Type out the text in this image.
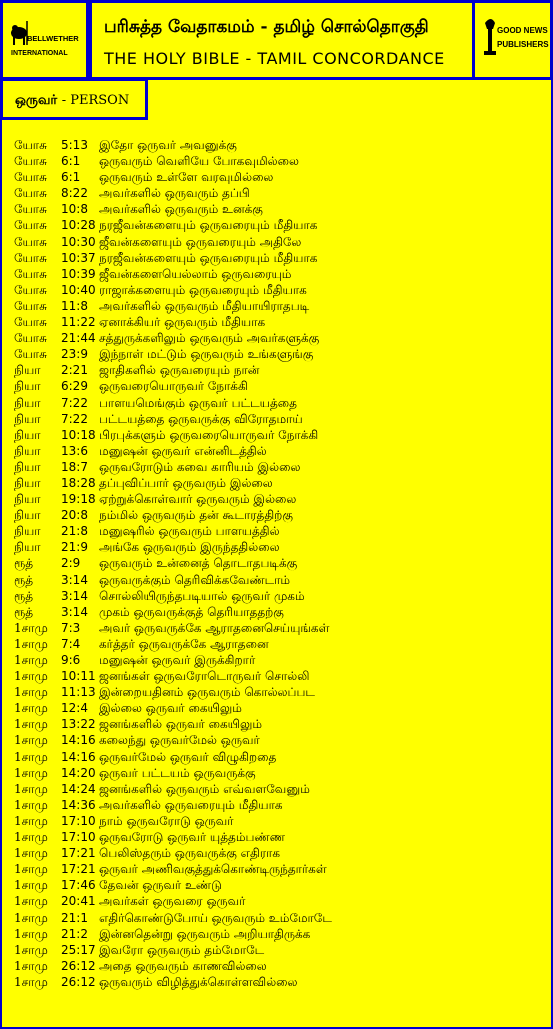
BELLWETHER
INTERNATIONAL
பரிசுத்த வேதாகமம் - தமிழ் சொல்தொகுதி
THE HOLY BIBLE - TAMIL CONCORDANCE
GOOD NEWS
PUBLISHERS
ஒருவர் - PERSON
யோசு 5:13 இதோ ஒருவர் அவனுக்கு
யோசு 6:1 ஒருவரும் வெளியே போகவுமில்லை
யோசு 6:1 ஒருவரும் உள்ளே வரவுமில்லை
யோசு 8:22 அவர்களில் ஒருவரும் தப்பி
யோசு 10:8 அவர்களில் ஒருவரும் உனக்கு
யோசு 10:28 நரஜீவன்களையும் ஒருவரையும் மீதியாக
யோசு 10:30 ஜீவன்களையும் ஒருவரையும் அதிலே
யோசு 10:37 நரஜீவன்களையும் ஒருவரையும் மீதியாக
யோசு 10:39 ஜீவன்களையெல்லாம் ஒருவரையும்
யோசு 10:40 ராஜாக்களையும் ஒருவரையும் மீதியாக
யோசு 11:8 அவர்களில் ஒருவரும் மீதியாயிராதபடி
யோசு 11:22 ஏனாக்கியர் ஒருவரும் மீதியாக
யோசு 21:44 சத்துருக்களிலும் ஒருவரும் அவர்களுக்கு
யோசு 23:9 இந்நாள் மட்டும் ஒருவரும் உங்களுங்கு
நியா 2:21 ஜாதிகளில் ஒருவரையும் நான்
நியா 6:29 ஒருவரையொருவர் நோக்கி
நியா 7:22 பாளயமெங்கும் ஒருவர் பட்டயத்தை
நியா 7:22 பட்டயத்தை ஒருவருக்கு விரோதமாய்
நியா 10:18 பிரபுக்களும் ஒருவரையொருவர் நோக்கி
நியா 13:6 மனுஷன் ஒருவர் என்னிடத்தில்
நியா 18:7 ஒருவரோடும் கவை காரியம் இல்லை
நியா 18:28 தப்புவிப்பார் ஒருவரும் இல்லை
நியா 19:18 ஏற்றுக்கொள்வார் ஒருவரும் இல்லை
நியா 20:8 நம்மில் ஒருவரும் தன் கூடாரத்திற்கு
நியா 21:8 மனுஷரில் ஒருவரும் பாளயத்தில்
நியா 21:9 அங்கே ஒருவரும் இருந்ததில்லை
ரூத் 2:9 ஒருவரும் உன்னைத் தொடாதபடிக்கு
ரூத் 3:14 ஒருவருக்கும் தெரிவிக்கவேண்டாம்
ரூத் 3:14 சொல்லியிருந்தபடியால் ஒருவர் முகம்
ரூத் 3:14 முகம் ஒருவருக்குத் தெரியாததற்கு
1சாமு 7:3 அவர் ஒருவருக்கே ஆராதனைசெய்யுங்கள்
1சாமு 7:4 கர்த்தர் ஒருவருக்கே ஆராதனை
1சாமு 9:6 மனுஷன் ஒருவர் இருக்கிறார்
1சாமு 10:11 ஜனங்கள் ஒருவரோடொருவர் சொல்லி
1சாமு 11:13 இன்றையதினம் ஒருவரும் கொல்லப்பட
1சாமு 12:4 இல்லை ஒருவர் கையிலும்
1சாமு 13:22 ஜனங்களில் ஒருவர் கையிலும்
1சாமு 14:16 கலைந்து ஒருவர்மேல் ஒருவர்
1சாமு 14:16 ஒருவர்மேல் ஒருவர் விழுகிறதை
1சாமு 14:20 ஒருவர் பட்டயம் ஒருவருக்கு
1சாமு 14:24 ஜனங்களில் ஒருவரும் எவ்வளவேனும்
1சாமு 14:36 அவர்களில் ஒருவரையும் மீதியாக
1சாமு 17:10 நாம் ஒருவரோடு ஒருவர்
1சாமு 17:10 ஒருவரோடு ஒருவர் யுத்தம்பண்ண
1சாமு 17:21 பெலிஸ்தரும் ஒருவருக்கு எதிராக
1சாமு 17:21 ஒருவர் அணிவகுத்துக்கொண்டிருந்தார்கள்
1சாமு 17:46 தேவன் ஒருவர் உண்டு
1சாமு 20:41 அவர்கள் ஒருவரை ஒருவர்
1சாமு 21:1 எதிர்கொண்டுபோய் ஒருவரும் உம்மோடே
1சாமு 21:2 இன்னதென்று ஒருவரும் அறியாதிருக்க
1சாமு 25:17 இவரோ ஒருவரும் தம்மோடே
1சாமு 26:12 அதை ஒருவரும் காணவில்லை
1சாமு 26:12 ஒருவரும் விழித்துக்கொள்ளவில்லை
